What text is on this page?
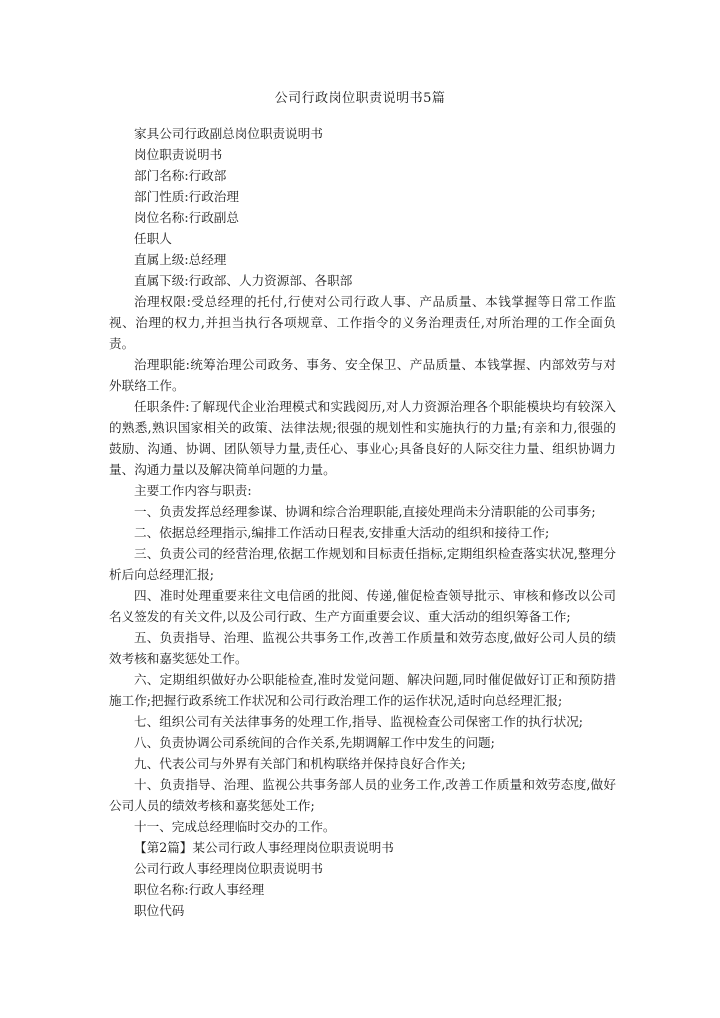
公司行政岗位职责说明书5篇

家具公司行政副总岗位职责说明书

岗位职责说明书

部门名称:行政部

部门性质:行政治理

岗位名称:行政副总

任职人

直属上级:总经理

直属下级:行政部、人力资源部、各职部

治理权限:受总经理的托付,行使对公司行政人事、产品质量、本钱掌握等日常工作监视、治理的权力,并担当执行各项规章、工作指令的义务治理责任,对所治理的工作全面负责。

治理职能:统筹治理公司政务、事务、安全保卫、产品质量、本钱掌握、内部效劳与对外联络工作。

任职条件:了解现代企业治理模式和实践阅历,对人力资源治理各个职能模块均有较深入的熟悉,熟识国家相关的政策、法律法规;很强的规划性和实施执行的力量;有亲和力,很强的鼓励、沟通、协调、团队领导力量,责任心、事业心;具备良好的人际交往力量、组织协调力量、沟通力量以及解决简单问题的力量。

主要工作内容与职责:

一、负责发挥总经理参谋、协调和综合治理职能,直接处理尚未分清职能的公司事务;

二、依据总经理指示,编排工作活动日程表,安排重大活动的组织和接待工作;

三、负责公司的经营治理,依据工作规划和目标责任指标,定期组织检查落实状况,整理分析后向总经理汇报;

四、准时处理重要来往文电信函的批阅、传递,催促检查领导批示、审核和修改以公司名义签发的有关文件,以及公司行政、生产方面重要会议、重大活动的组织筹备工作;

五、负责指导、治理、监视公共事务工作,改善工作质量和效劳态度,做好公司人员的绩效考核和嘉奖惩处工作。

六、定期组织做好办公职能检查,准时发觉问题、解决问题,同时催促做好订正和预防措施工作;把握行政系统工作状况和公司行政治理工作的运作状况,适时向总经理汇报;

七、组织公司有关法律事务的处理工作,指导、监视检查公司保密工作的执行状况;

八、负责协调公司系统间的合作关系,先期调解工作中发生的问题;

九、代表公司与外界有关部门和机构联络并保持良好合作关;

十、负责指导、治理、监视公共事务部人员的业务工作,改善工作质量和效劳态度,做好公司人员的绩效考核和嘉奖惩处工作;

十一、完成总经理临时交办的工作。

【第2篇】某公司行政人事经理岗位职责说明书

公司行政人事经理岗位职责说明书

职位名称:行政人事经理

职位代码
